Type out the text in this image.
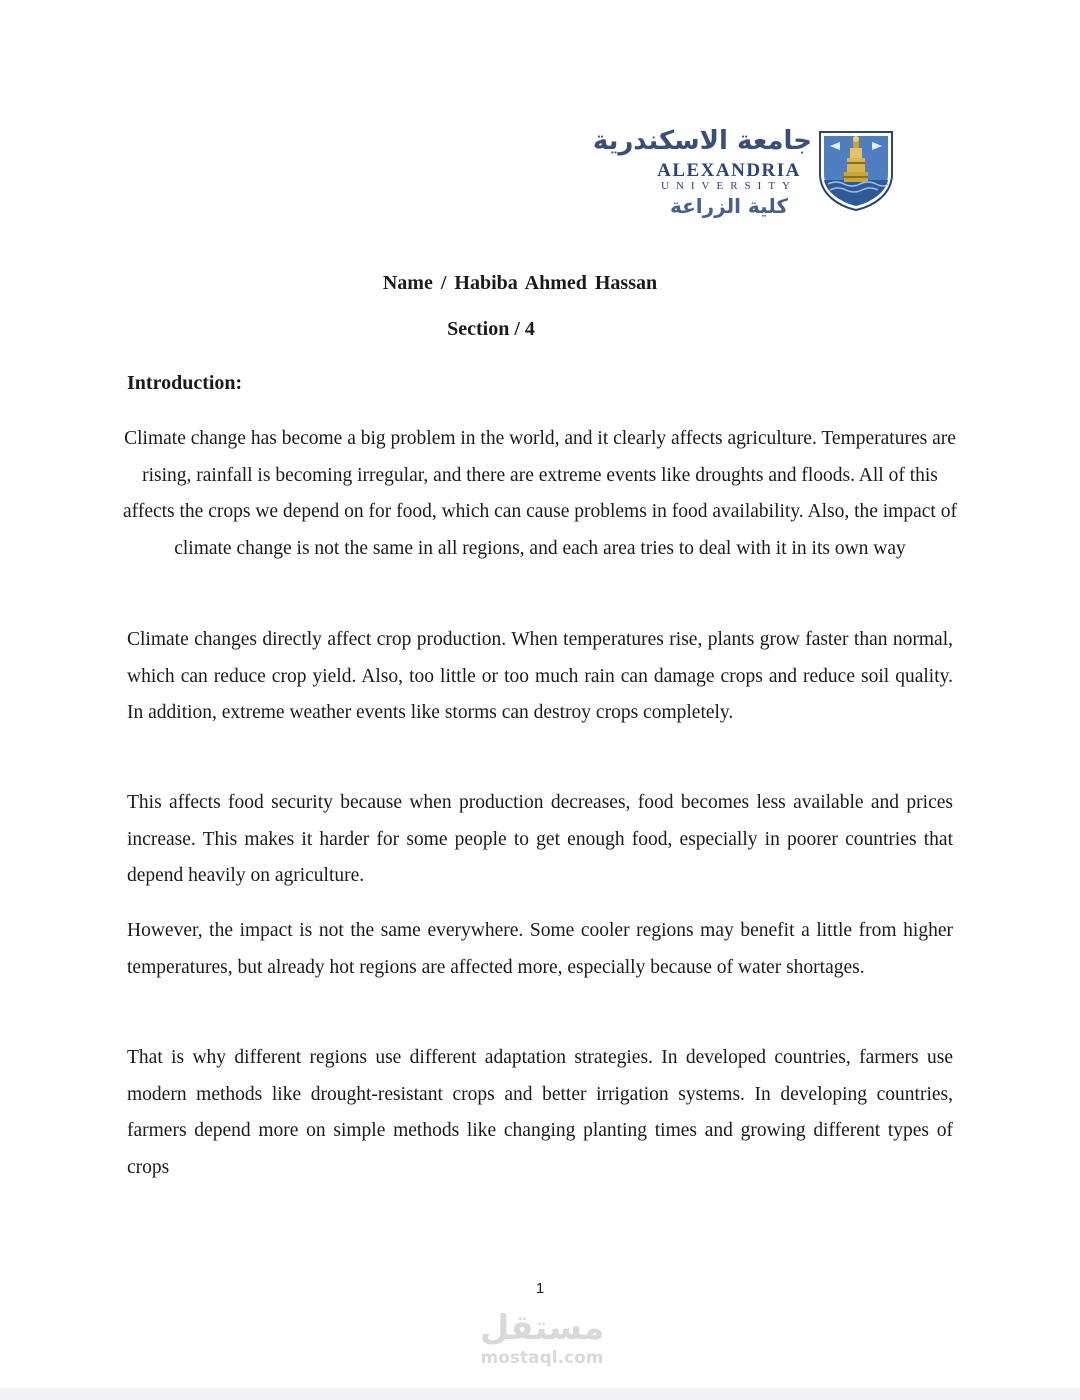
جامعة الاسكندرية
ALEXANDRIA
UNIVERSITY
كلية الزراعة
Name / Habiba Ahmed Hassan
Section / 4
Introduction:
Climate change has become a big problem in the world, and it clearly affects agriculture. Temperatures are rising, rainfall is becoming irregular, and there are extreme events like droughts and floods. All of this affects the crops we depend on for food, which can cause problems in food availability. Also, the impact of climate change is not the same in all regions, and each area tries to deal with it in its own way
Climate changes directly affect crop production. When temperatures rise, plants grow faster than normal, which can reduce crop yield. Also, too little or too much rain can damage crops and reduce soil quality. In addition, extreme weather events like storms can destroy crops completely.
This affects food security because when production decreases, food becomes less available and prices increase. This makes it harder for some people to get enough food, especially in poorer countries that depend heavily on agriculture.
However, the impact is not the same everywhere. Some cooler regions may benefit a little from higher temperatures, but already hot regions are affected more, especially because of water shortages.
That is why different regions use different adaptation strategies. In developed countries, farmers use modern methods like drought-resistant crops and better irrigation systems. In developing countries, farmers depend more on simple methods like changing planting times and growing different types of crops
1
مستقل
mostaql.com
